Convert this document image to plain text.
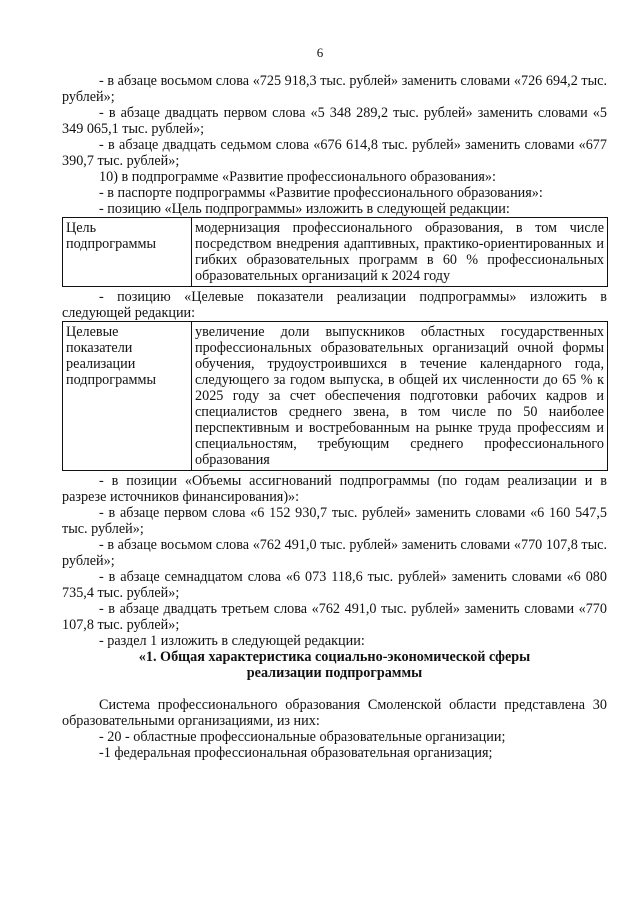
6

- в абзаце восьмом слова «725 918,3 тыс. рублей» заменить словами «726 694,2 тыс. рублей»;

- в абзаце двадцать первом слова «5 348 289,2 тыс. рублей» заменить словами «5 349 065,1 тыс. рублей»;

- в абзаце двадцать седьмом слова «676 614,8 тыс. рублей» заменить словами «677 390,7 тыс. рублей»;

10) в подпрограмме «Развитие профессионального образования»:

- в паспорте подпрограммы «Развитие профессионального образования»:

- позицию «Цель подпрограммы» изложить в следующей редакции:

Цель подпрограммы	модернизация профессионального образования, в том числе посредством внедрения адаптивных, практико-ориентированных и гибких образовательных программ в 60 % профессиональных образовательных организаций к 2024 году

- позицию «Целевые показатели реализации подпрограммы» изложить в следующей редакции:

Целевые показатели реализации подпрограммы	увеличение доли выпускников областных государственных профессиональных образовательных организаций очной формы обучения, трудоустроившихся в течение календарного года, следующего за годом выпуска, в общей их численности до 65 % к 2025 году за счет обеспечения подготовки рабочих кадров и специалистов среднего звена, в том числе по 50 наиболее перспективным и востребованным на рынке труда профессиям и специальностям, требующим среднего профессионального образования

- в позиции «Объемы ассигнований подпрограммы (по годам реализации и в разрезе источников финансирования)»:

- в абзаце первом слова «6 152 930,7 тыс. рублей» заменить словами «6 160 547,5 тыс. рублей»;

- в абзаце восьмом слова «762 491,0 тыс. рублей» заменить словами «770 107,8 тыс. рублей»;

- в абзаце семнадцатом слова «6 073 118,6 тыс. рублей» заменить словами «6 080 735,4 тыс. рублей»;

- в абзаце двадцать третьем слова «762 491,0 тыс. рублей» заменить словами «770 107,8 тыс. рублей»;

- раздел 1 изложить в следующей редакции:

«1. Общая характеристика социально-экономической сферы

реализации подпрограммы

Система профессионального образования Смоленской области представлена 30 образовательными организациями, из них:

- 20 - областные профессиональные образовательные организации;

-1 федеральная профессиональная образовательная организация;
